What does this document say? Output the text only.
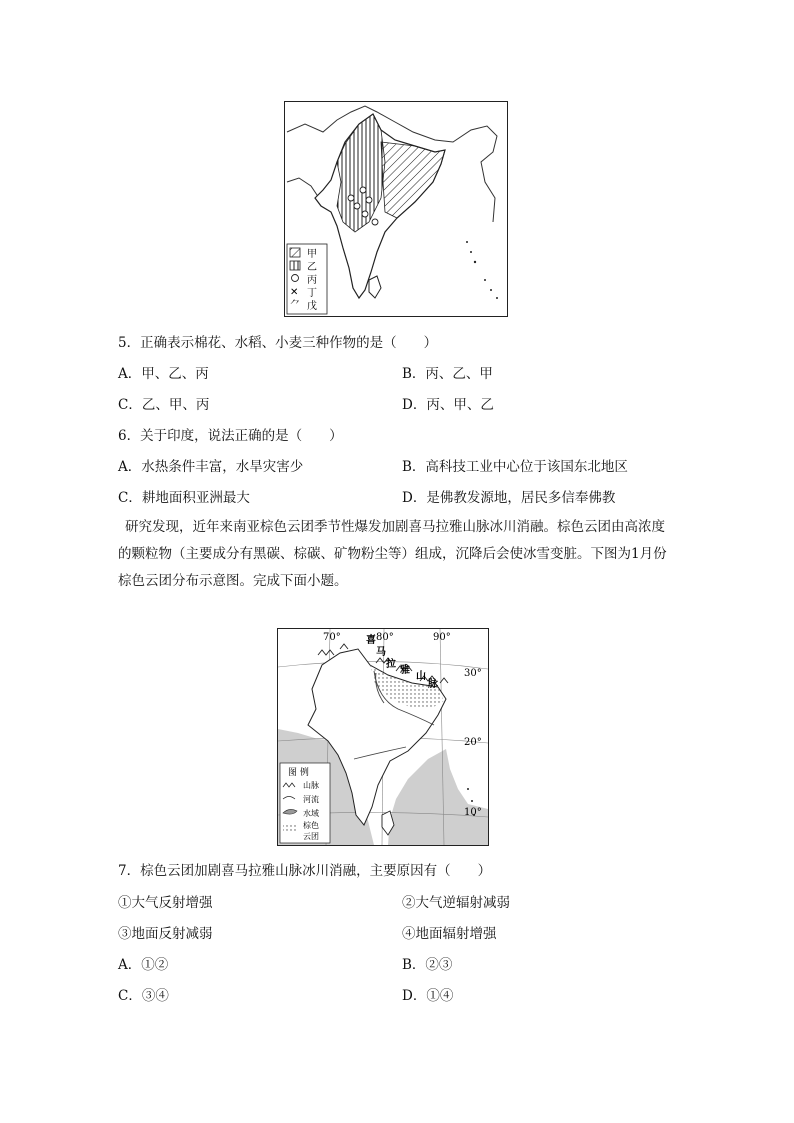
✕
⺈
甲
乙
丙
丁
戊
5．正确表示棉花、水稻、小麦三种作物的是（　　）
A．甲、乙、丙	B．丙、乙、甲
C．乙、甲、丙	D．丙、甲、乙
6．关于印度，说法正确的是（　　）
A．水热条件丰富，水旱灾害少	B．高科技工业中心位于该国东北地区
C．耕地面积亚洲最大	D．是佛教发源地，居民多信奉佛教
研究发现，近年来南亚棕色云团季节性爆发加剧喜马拉雅山脉冰川消融。棕色云团由高浓度的颗粒物（主要成分有黑碳、棕碳、矿物粉尘等）组成，沉降后会使冰雪变脏。下图为1月份棕色云团分布示意图。完成下面小题。
70°	80°	90°
30°
20°
10°
喜
马
拉
雅
山
脉
图 例
山脉
河流
水域
棕色
云团
7．棕色云团加剧喜马拉雅山脉冰川消融，主要原因有（　　）
①大气反射增强	②大气逆辐射减弱
③地面反射减弱	④地面辐射增强
A．①②	B．②③
C．③④	D．①④
